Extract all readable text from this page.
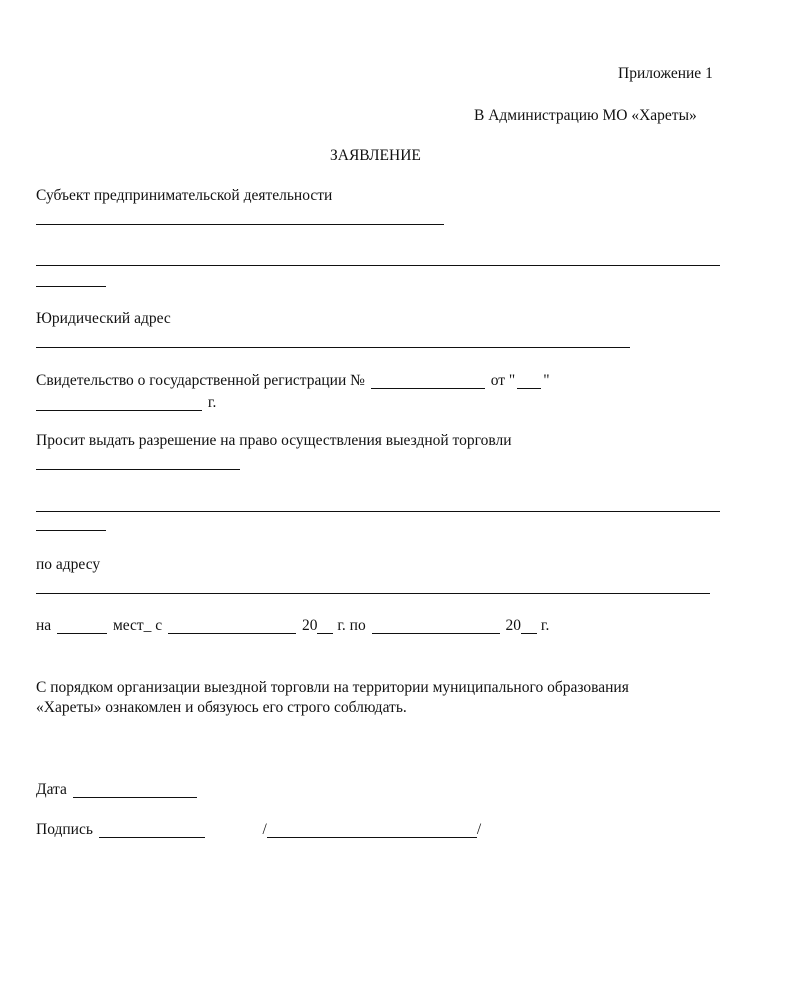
Приложение 1

В Администрацию МО «Хареты»

ЗАЯВЛЕНИЕ

Субъект предпринимательской деятельности

Юридический адрес

Свидетельство о государственной регистрации №	от " "

г.

Просит выдать разрешение на право осуществления выездной торговли

по адресу

на	мест_ с	20 г. по	20 г.

С порядком организации выездной торговли на территории муниципального образования

«Хареты» ознакомлен и обязуюсь его строго соблюдать.

Дата

Подпись	/	/
